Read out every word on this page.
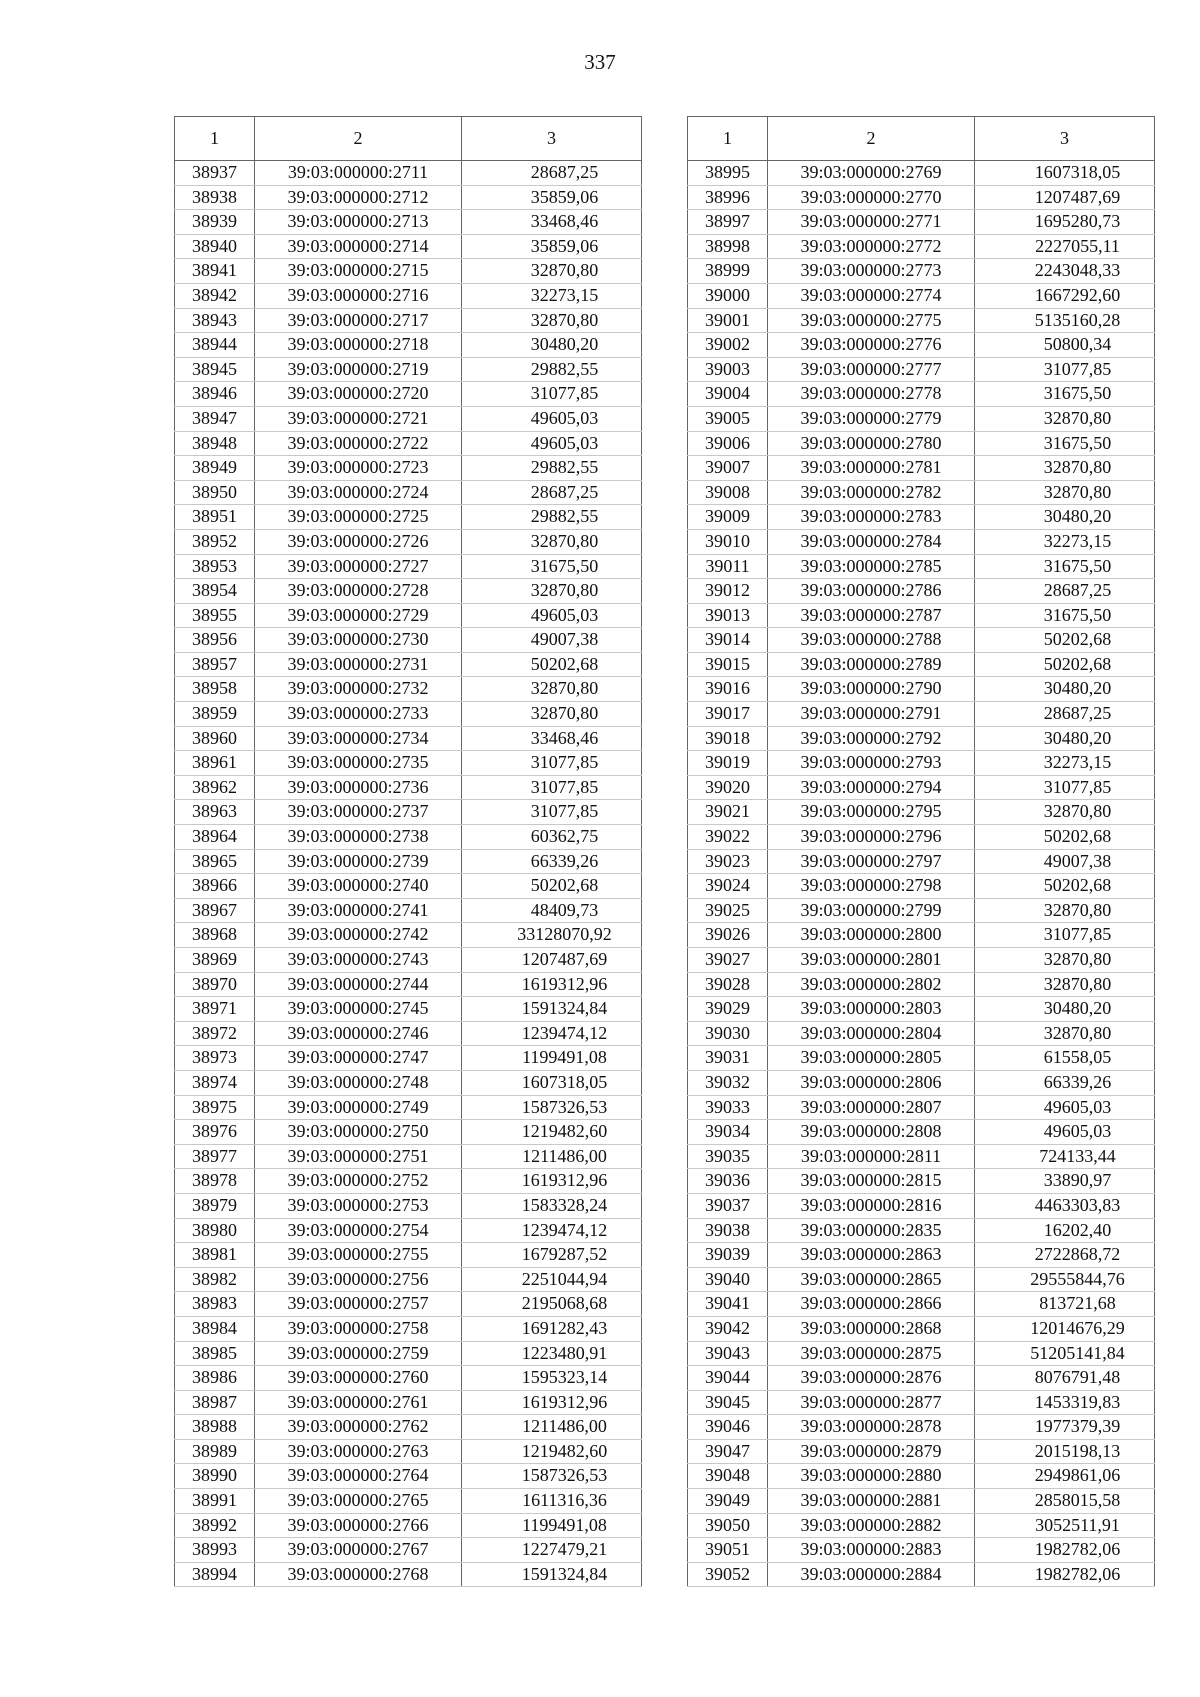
337
1	2	3
38937	39:03:000000:2711	28687,25
38938	39:03:000000:2712	35859,06
38939	39:03:000000:2713	33468,46
38940	39:03:000000:2714	35859,06
38941	39:03:000000:2715	32870,80
38942	39:03:000000:2716	32273,15
38943	39:03:000000:2717	32870,80
38944	39:03:000000:2718	30480,20
38945	39:03:000000:2719	29882,55
38946	39:03:000000:2720	31077,85
38947	39:03:000000:2721	49605,03
38948	39:03:000000:2722	49605,03
38949	39:03:000000:2723	29882,55
38950	39:03:000000:2724	28687,25
38951	39:03:000000:2725	29882,55
38952	39:03:000000:2726	32870,80
38953	39:03:000000:2727	31675,50
38954	39:03:000000:2728	32870,80
38955	39:03:000000:2729	49605,03
38956	39:03:000000:2730	49007,38
38957	39:03:000000:2731	50202,68
38958	39:03:000000:2732	32870,80
38959	39:03:000000:2733	32870,80
38960	39:03:000000:2734	33468,46
38961	39:03:000000:2735	31077,85
38962	39:03:000000:2736	31077,85
38963	39:03:000000:2737	31077,85
38964	39:03:000000:2738	60362,75
38965	39:03:000000:2739	66339,26
38966	39:03:000000:2740	50202,68
38967	39:03:000000:2741	48409,73
38968	39:03:000000:2742	33128070,92
38969	39:03:000000:2743	1207487,69
38970	39:03:000000:2744	1619312,96
38971	39:03:000000:2745	1591324,84
38972	39:03:000000:2746	1239474,12
38973	39:03:000000:2747	1199491,08
38974	39:03:000000:2748	1607318,05
38975	39:03:000000:2749	1587326,53
38976	39:03:000000:2750	1219482,60
38977	39:03:000000:2751	1211486,00
38978	39:03:000000:2752	1619312,96
38979	39:03:000000:2753	1583328,24
38980	39:03:000000:2754	1239474,12
38981	39:03:000000:2755	1679287,52
38982	39:03:000000:2756	2251044,94
38983	39:03:000000:2757	2195068,68
38984	39:03:000000:2758	1691282,43
38985	39:03:000000:2759	1223480,91
38986	39:03:000000:2760	1595323,14
38987	39:03:000000:2761	1619312,96
38988	39:03:000000:2762	1211486,00
38989	39:03:000000:2763	1219482,60
38990	39:03:000000:2764	1587326,53
38991	39:03:000000:2765	1611316,36
38992	39:03:000000:2766	1199491,08
38993	39:03:000000:2767	1227479,21
38994	39:03:000000:2768	1591324,84
1	2	3
38995	39:03:000000:2769	1607318,05
38996	39:03:000000:2770	1207487,69
38997	39:03:000000:2771	1695280,73
38998	39:03:000000:2772	2227055,11
38999	39:03:000000:2773	2243048,33
39000	39:03:000000:2774	1667292,60
39001	39:03:000000:2775	5135160,28
39002	39:03:000000:2776	50800,34
39003	39:03:000000:2777	31077,85
39004	39:03:000000:2778	31675,50
39005	39:03:000000:2779	32870,80
39006	39:03:000000:2780	31675,50
39007	39:03:000000:2781	32870,80
39008	39:03:000000:2782	32870,80
39009	39:03:000000:2783	30480,20
39010	39:03:000000:2784	32273,15
39011	39:03:000000:2785	31675,50
39012	39:03:000000:2786	28687,25
39013	39:03:000000:2787	31675,50
39014	39:03:000000:2788	50202,68
39015	39:03:000000:2789	50202,68
39016	39:03:000000:2790	30480,20
39017	39:03:000000:2791	28687,25
39018	39:03:000000:2792	30480,20
39019	39:03:000000:2793	32273,15
39020	39:03:000000:2794	31077,85
39021	39:03:000000:2795	32870,80
39022	39:03:000000:2796	50202,68
39023	39:03:000000:2797	49007,38
39024	39:03:000000:2798	50202,68
39025	39:03:000000:2799	32870,80
39026	39:03:000000:2800	31077,85
39027	39:03:000000:2801	32870,80
39028	39:03:000000:2802	32870,80
39029	39:03:000000:2803	30480,20
39030	39:03:000000:2804	32870,80
39031	39:03:000000:2805	61558,05
39032	39:03:000000:2806	66339,26
39033	39:03:000000:2807	49605,03
39034	39:03:000000:2808	49605,03
39035	39:03:000000:2811	724133,44
39036	39:03:000000:2815	33890,97
39037	39:03:000000:2816	4463303,83
39038	39:03:000000:2835	16202,40
39039	39:03:000000:2863	2722868,72
39040	39:03:000000:2865	29555844,76
39041	39:03:000000:2866	813721,68
39042	39:03:000000:2868	12014676,29
39043	39:03:000000:2875	51205141,84
39044	39:03:000000:2876	8076791,48
39045	39:03:000000:2877	1453319,83
39046	39:03:000000:2878	1977379,39
39047	39:03:000000:2879	2015198,13
39048	39:03:000000:2880	2949861,06
39049	39:03:000000:2881	2858015,58
39050	39:03:000000:2882	3052511,91
39051	39:03:000000:2883	1982782,06
39052	39:03:000000:2884	1982782,06
